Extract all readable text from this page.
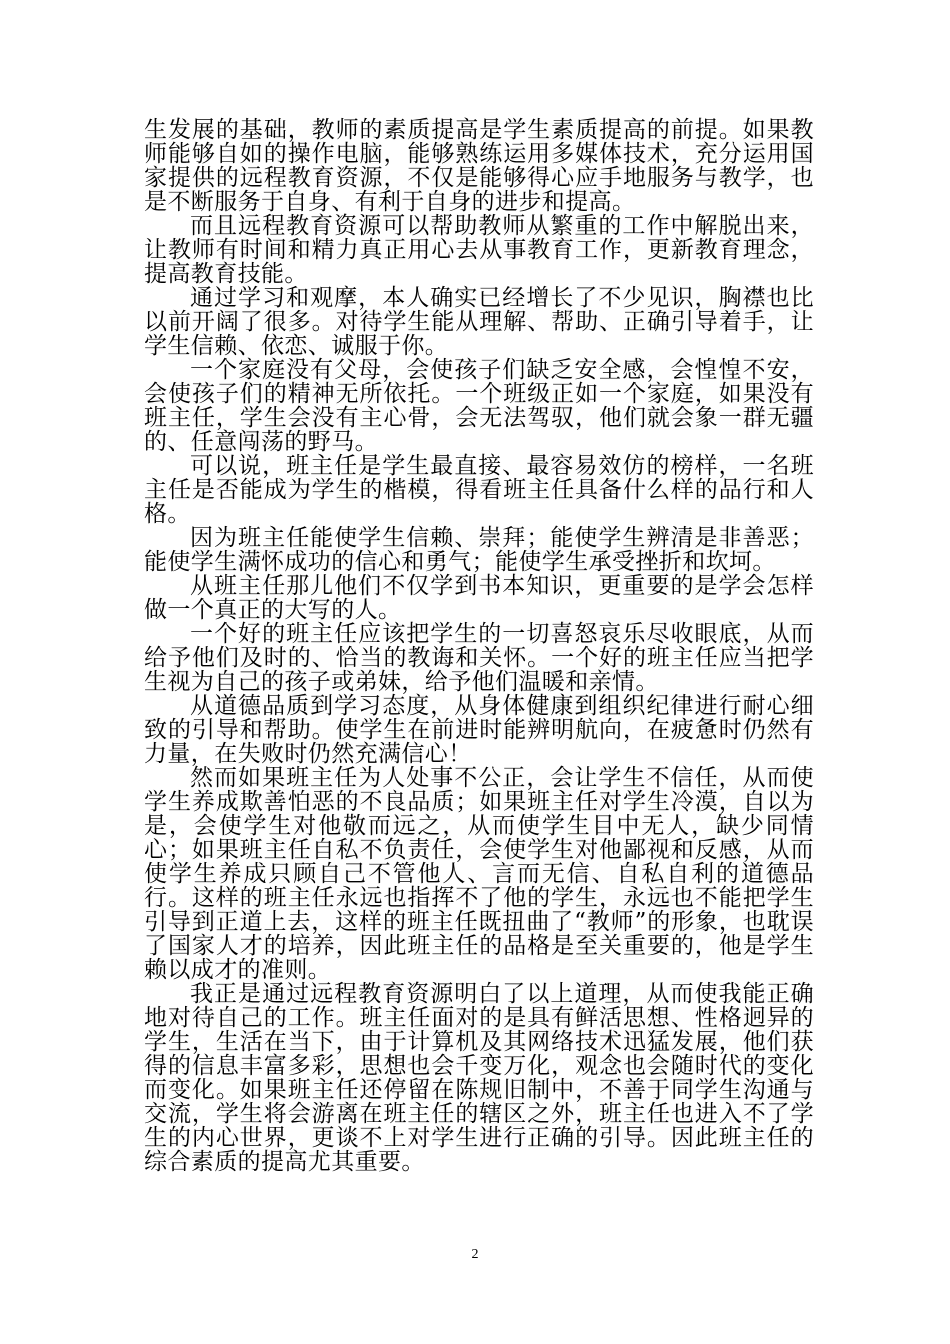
生发展的基础，教师的素质提高是学生素质提高的前提。如果教师能够自如的操作电脑，能够熟练运用多媒体技术，充分运用国家提供的远程教育资源，不仅是能够得心应手地服务与教学，也是不断服务于自身、有利于自身的进步和提高。

而且远程教育资源可以帮助教师从繁重的工作中解脱出来，让教师有时间和精力真正用心去从事教育工作，更新教育理念，提高教育技能。

通过学习和观摩，本人确实已经增长了不少见识，胸襟也比以前开阔了很多。对待学生能从理解、帮助、正确引导着手，让学生信赖、依恋、诚服于你。

一个家庭没有父母，会使孩子们缺乏安全感，会惶惶不安，会使孩子们的精神无所依托。一个班级正如一个家庭，如果没有班主任，学生会没有主心骨，会无法驾驭，他们就会象一群无疆的、任意闯荡的野马。

可以说，班主任是学生最直接、最容易效仿的榜样，一名班主任是否能成为学生的楷模，得看班主任具备什么样的品行和人格。

因为班主任能使学生信赖、崇拜；能使学生辨清是非善恶；能使学生满怀成功的信心和勇气；能使学生承受挫折和坎坷。

从班主任那儿他们不仅学到书本知识，更重要的是学会怎样做一个真正的大写的人。

一个好的班主任应该把学生的一切喜怒哀乐尽收眼底，从而给予他们及时的、恰当的教诲和关怀。一个好的班主任应当把学生视为自己的孩子或弟妹，给予他们温暖和亲情。

从道德品质到学习态度，从身体健康到组织纪律进行耐心细致的引导和帮助。使学生在前进时能辨明航向，在疲惫时仍然有力量，在失败时仍然充满信心！

然而如果班主任为人处事不公正，会让学生不信任，从而使学生养成欺善怕恶的不良品质；如果班主任对学生冷漠，自以为是，会使学生对他敬而远之，从而使学生目中无人，缺少同情心；如果班主任自私不负责任，会使学生对他鄙视和反感，从而使学生养成只顾自己不管他人、言而无信、自私自利的道德品行。这样的班主任永远也指挥不了他的学生，永远也不能把学生引导到正道上去，这样的班主任既扭曲了“教师”的形象，也耽误了国家人才的培养，因此班主任的品格是至关重要的，他是学生赖以成才的准则。

我正是通过远程教育资源明白了以上道理，从而使我能正确地对待自己的工作。班主任面对的是具有鲜活思想、性格迥异的学生，生活在当下，由于计算机及其网络技术迅猛发展，他们获得的信息丰富多彩，思想也会千变万化，观念也会随时代的变化而变化。如果班主任还停留在陈规旧制中，不善于同学生沟通与交流，学生将会游离在班主任的辖区之外，班主任也进入不了学生的内心世界，更谈不上对学生进行正确的引导。因此班主任的综合素质的提高尤其重要。

2
